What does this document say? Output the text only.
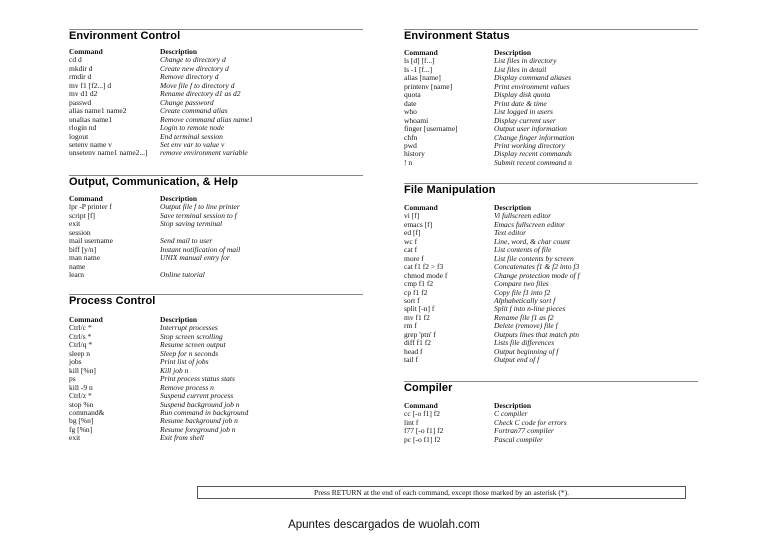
Environment Control
Command	Description
cd d	Change to directory d
mkdir d	Create new directory d
rmdir d	Remove directory d
mv f1 [f2...] d	Move file f to directory d
mv d1 d2	Rename directory d1 as d2
passwd	Change password
alias name1 name2	Create command alias
unalias name1	Remove command alias name1
rlogin nd	Login to remote node
logout	End terminal session
setenv name v	Set env var to value v
unsetenv name1 name2...]	remove environment variable
Output, Communication, & Help
Command	Description
lpr -P printer f	Output file f to line printer
script [f]	Save terminal session to f
exit	Stop saving terminal
session
mail username	Send mail to user
biff [y/n]	Instant notification of mail
man name	UNIX manual entry for
name
learn	Online tutorial
Process Control
Command	Description
Ctrl/c *	Interrupt processes
Ctrl/s *	Stop screen scrolling
Ctrl/q *	Resume screen output
sleep n	Sleep for n seconds
jobs	Print list of jobs
kill [%n]	Kill job n
ps	Print process status stats
kill -9 n	Remove process n
Ctrl/z *	Suspend current process
stop %n	Suspend background job n
command&	Run command in background
bg [%n]	Resume background job n
fg [%n]	Resume foreground job n
exit	Exit from shell
Environment Status
Command	Description
ls [d] [f...]	List files in directory
ls -1 [f...]	List files in detail
alias [name]	Display command aliases
printenv [name]	Print environment values
quota	Display disk quota
date	Print date & time
who	List logged in users
whoami	Display current user
finger [username]	Output user information
chfn	Change finger information
pwd	Print working directory
history	Display recent commands
! n	Submit recent command n
File Manipulation
Command	Description
vi [f]	Vi fullscreen editor
emacs [f]	Emacs fullscreen editor
ed [f]	Text editor
wc f	Line, word, & char count
cat f	List contents of file
more f	List file contents by screen
cat f1 f2 > f3	Concatenates f1 & f2 into f3
chmod mode f	Change protection mode of f
cmp f1 f2	Compare two files
cp f1 f2	Copy file f1 into f2
sort f	Alphabetically sort f
split [-n] f	Split f into n-line pieces
mv f1 f2	Rename file f1 as f2
rm f	Delete (remove) file f
grep 'ptn' f	Outputs lines that match ptn
diff f1 f2	Lists file differences
head f	Output beginning of f
tail f	Output end of f
Compiler
Command	Description
cc [-o f1] f2	C compiler
lint f	Check C code for errors
f77 [-o f1] f2	Fortran77 compiler
pc [-o f1] f2	Pascal compiler
Press RETURN at the end of each command, except those marked by an asterisk (*).
Apuntes descargados de wuolah.com
